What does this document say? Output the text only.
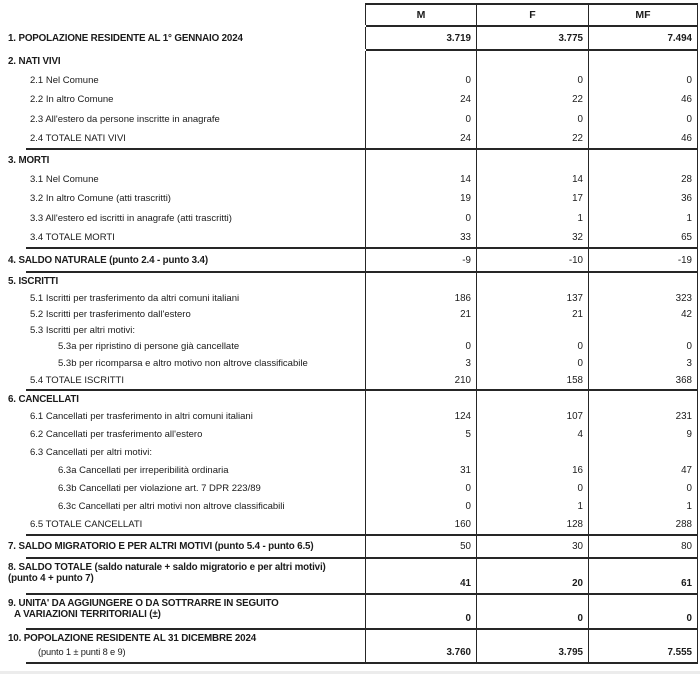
M	F	MF
1. POPOLAZIONE RESIDENTE AL 1° GENNAIO 2024	3.719	3.775	7.494
2. NATI VIVI
2.1 Nel Comune	0	0	0
2.2 In altro Comune	24	22	46
2.3 All'estero da persone inscritte in anagrafe	0	0	0
2.4 TOTALE NATI VIVI	24	22	46
3. MORTI
3.1 Nel Comune	14	14	28
3.2 In altro Comune (atti trascritti)	19	17	36
3.3 All'estero ed iscritti in anagrafe (atti trascritti)	0	1	1
3.4 TOTALE MORTI	33	32	65
4. SALDO NATURALE (punto 2.4 - punto 3.4)	-9	-10	-19
5. ISCRITTI
5.1 Iscritti per trasferimento da altri comuni italiani	186	137	323
5.2 Iscritti per trasferimento dall'estero	21	21	42
5.3 Iscritti per altri motivi:
5.3a per ripristino di persone già cancellate	0	0	0
5.3b per ricomparsa e altro motivo non altrove classificabile	3	0	3
5.4 TOTALE ISCRITTI	210	158	368
6. CANCELLATI
6.1 Cancellati per trasferimento in altri comuni italiani	124	107	231
6.2 Cancellati per trasferimento all'estero	5	4	9
6.3 Cancellati per altri motivi:
6.3a Cancellati per irreperibilità ordinaria	31	16	47
6.3b Cancellati per violazione art. 7 DPR 223/89	0	0	0
6.3c Cancellati per altri motivi non altrove classificabili	0	1	1
6.5 TOTALE CANCELLATI	160	128	288
7. SALDO MIGRATORIO E PER ALTRI MOTIVI (punto 5.4 - punto 6.5)	50	30	80
8. SALDO TOTALE (saldo naturale + saldo migratorio e per altri motivi)
(punto 4 + punto 7)	41	20	61
9. UNITA' DA AGGIUNGERE O DA SOTTRARRE IN SEGUITO
A VARIAZIONI TERRITORIALI (±)	0	0	0
10. POPOLAZIONE RESIDENTE AL 31 DICEMBRE 2024
(punto 1 ± punti 8 e 9)	3.760	3.795	7.555
